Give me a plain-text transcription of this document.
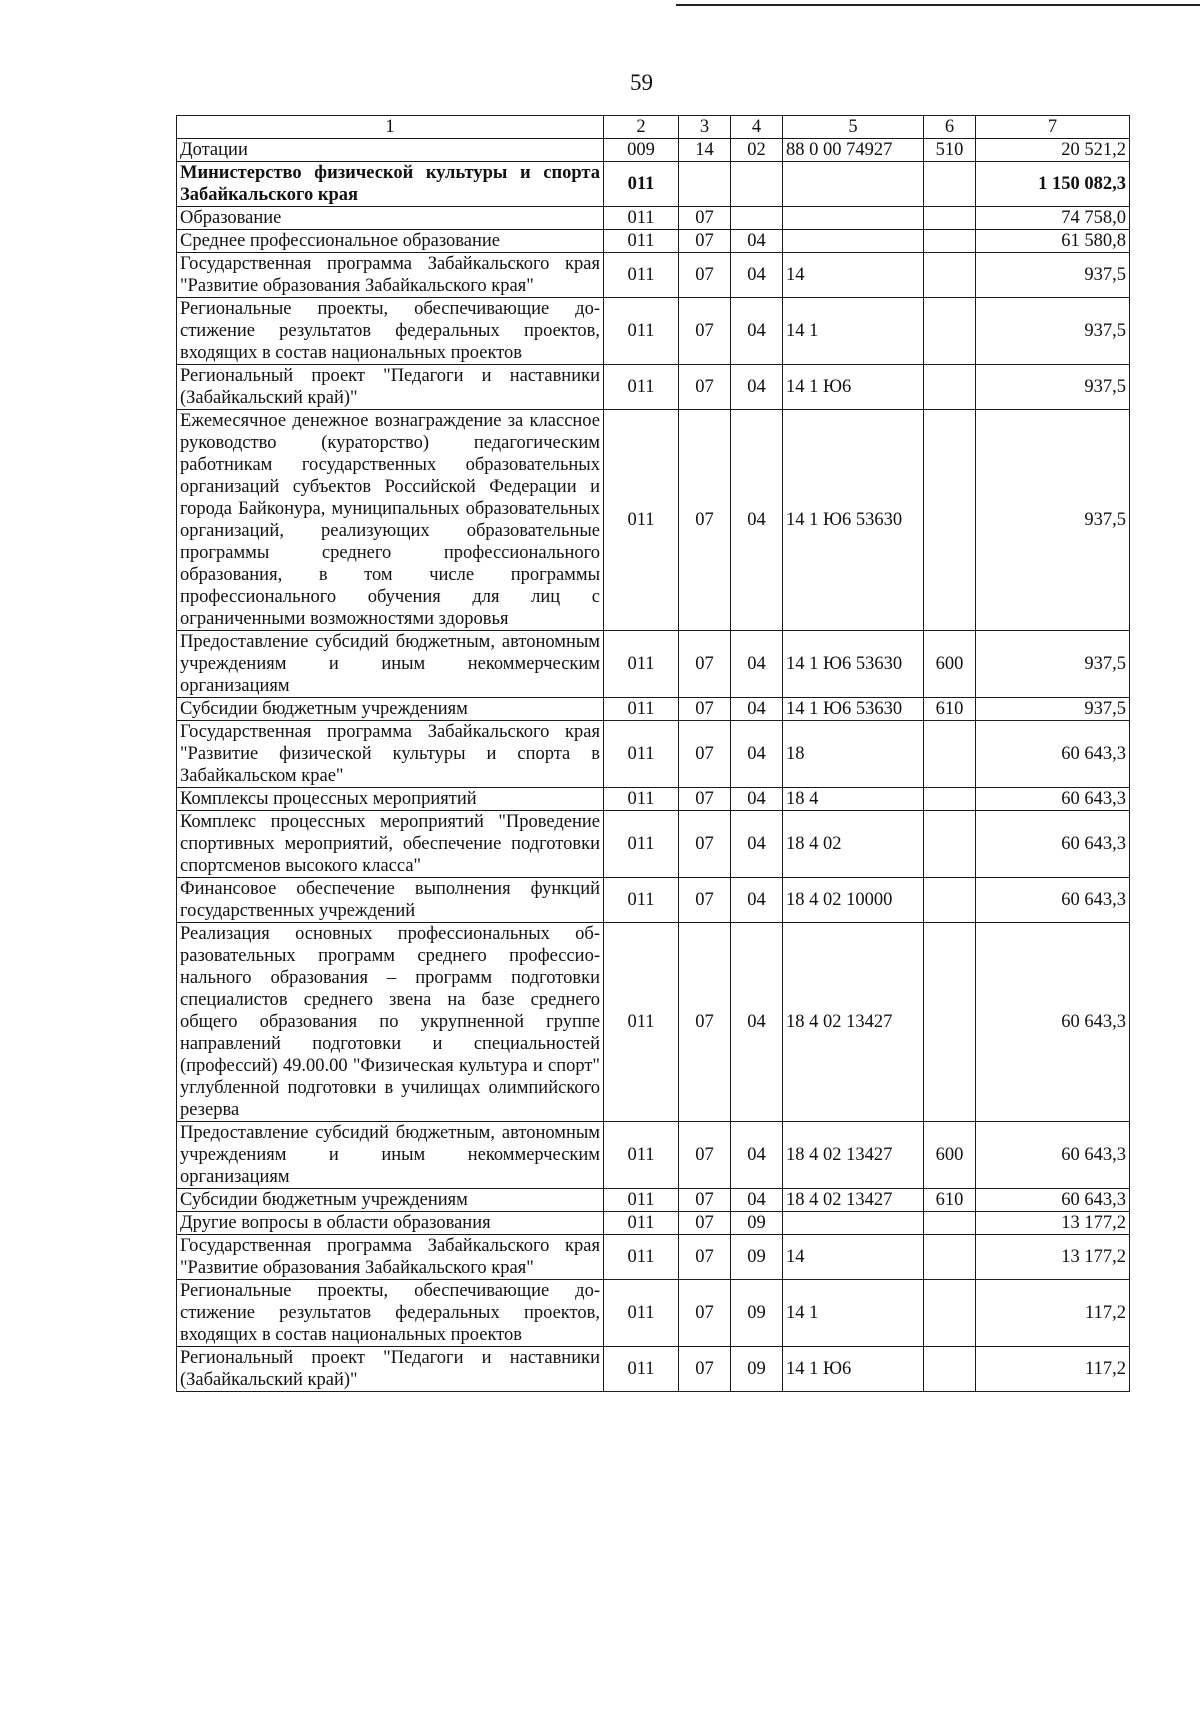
59
1	2	3	4	5	6	7
Дотации	009	14	02	88 0 00 74927	510	20 521,2
Министерство физической культуры и спорта Забайкальского края	011					1 150 082,3
Образование	011	07				74 758,0
Среднее профессиональное образование	011	07	04			61 580,8
Государственная программа Забайкальского края "Развитие образования Забайкальского края"	011	07	04	14		937,5
Региональные проекты, обеспечивающие достижение результатов федеральных проектов, входящих в состав национальных проектов	011	07	04	14 1		937,5
Региональный проект "Педагоги и наставники (Забайкальский край)"	011	07	04	14 1 Ю6		937,5
Ежемесячное денежное вознаграждение за классное руководство (кураторство) педагогическим работникам государственных образовательных организаций субъектов Российской Федерации и города Байконура, муниципальных образовательных организаций, реализующих образовательные программы среднего профессионального образования, в том числе программы профессионального обучения для лиц с ограниченными возможностями здоровья	011	07	04	14 1 Ю6 53630		937,5
Предоставление субсидий бюджетным, автономным учреждениям и иным некоммерческим организациям	011	07	04	14 1 Ю6 53630	600	937,5
Субсидии бюджетным учреждениям	011	07	04	14 1 Ю6 53630	610	937,5
Государственная программа Забайкальского края "Развитие физической культуры и спорта в Забайкальском крае"	011	07	04	18		60 643,3
Комплексы процессных мероприятий	011	07	04	18 4		60 643,3
Комплекс процессных мероприятий "Проведение спортивных мероприятий, обеспечение подготовки спортсменов высокого класса"	011	07	04	18 4 02		60 643,3
Финансовое обеспечение выполнения функций государственных учреждений	011	07	04	18 4 02 10000		60 643,3
Реализация основных профессиональных образовательных программ среднего профессионального образования – программ подготовки специалистов среднего звена на базе среднего общего образования по укрупненной группе направлений подготовки и специальностей (профессий) 49.00.00 "Физическая культура и спорт" углубленной подготовки в училищах олимпийского резерва	011	07	04	18 4 02 13427		60 643,3
Предоставление субсидий бюджетным, автономным учреждениям и иным некоммерческим организациям	011	07	04	18 4 02 13427	600	60 643,3
Субсидии бюджетным учреждениям	011	07	04	18 4 02 13427	610	60 643,3
Другие вопросы в области образования	011	07	09			13 177,2
Государственная программа Забайкальского края "Развитие образования Забайкальского края"	011	07	09	14		13 177,2
Региональные проекты, обеспечивающие достижение результатов федеральных проектов, входящих в состав национальных проектов	011	07	09	14 1		117,2
Региональный проект "Педагоги и наставники (Забайкальский край)"	011	07	09	14 1 Ю6		117,2
